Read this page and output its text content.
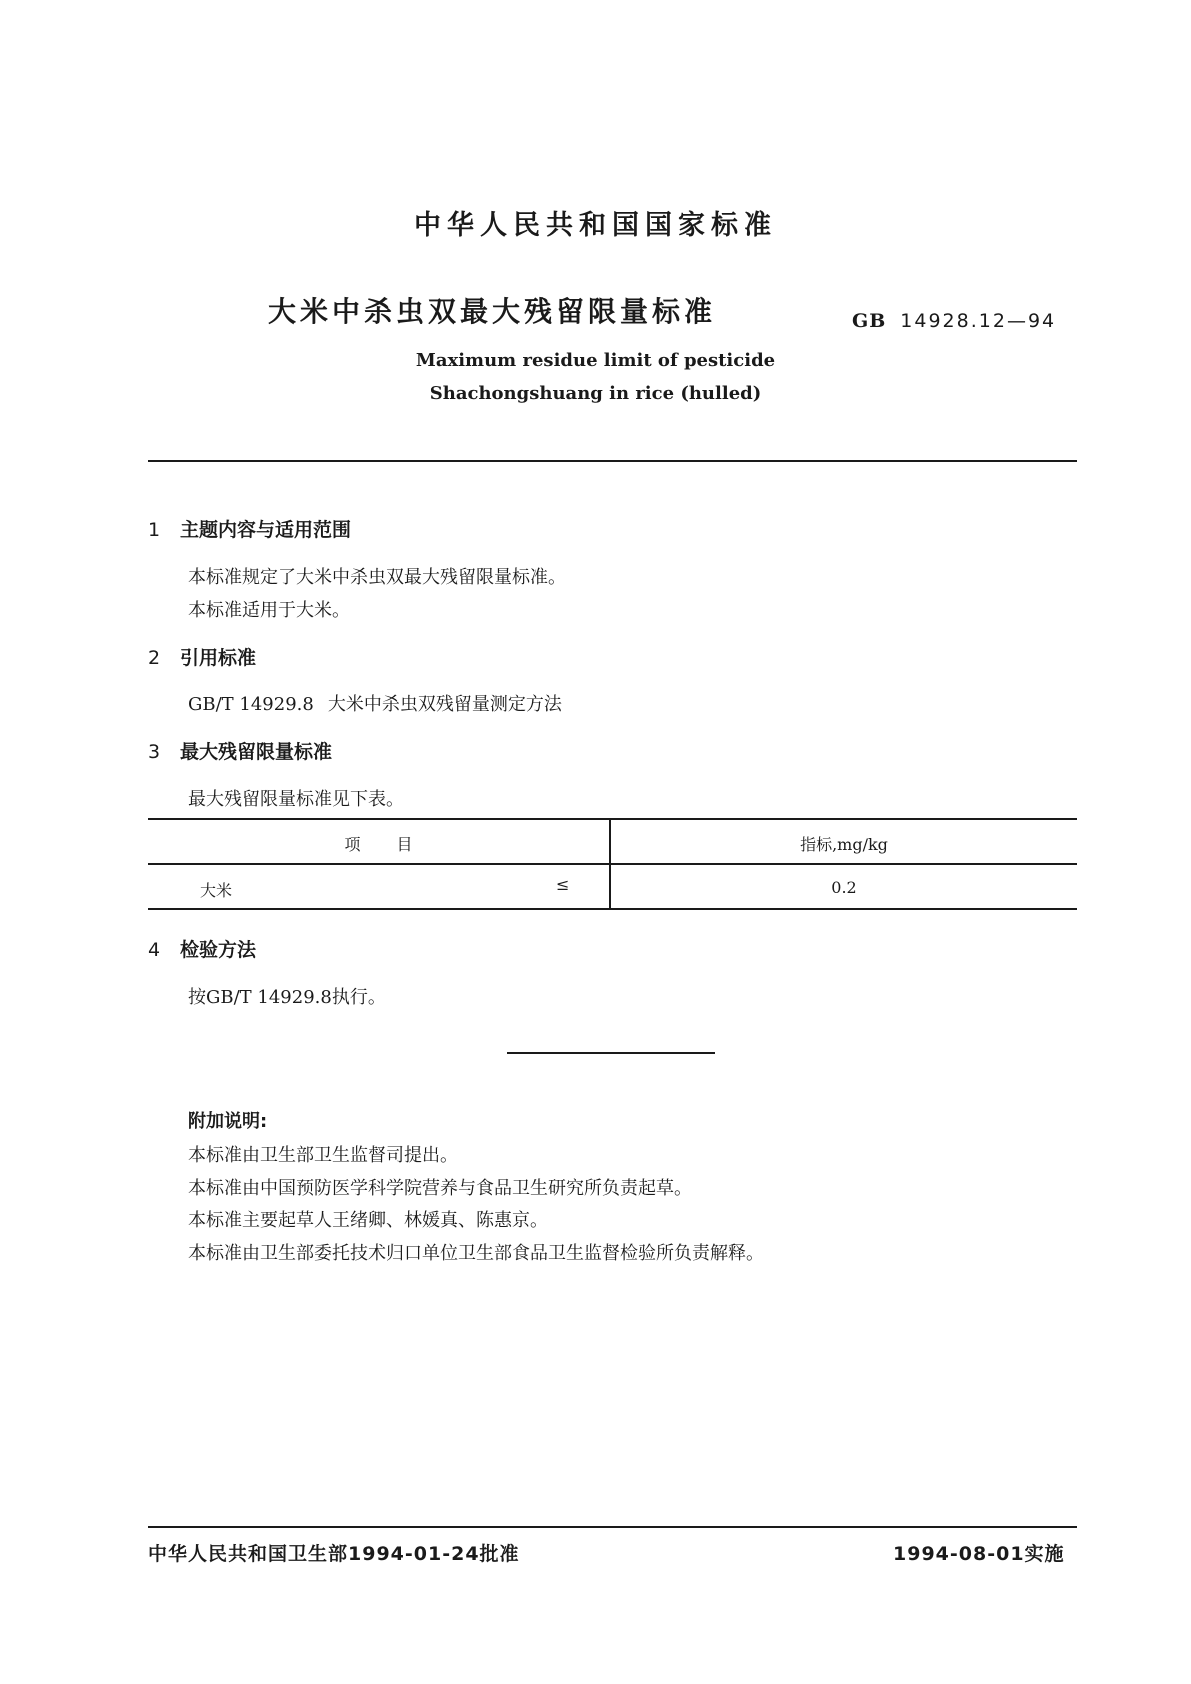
中华人民共和国国家标准
大米中杀虫双最大残留限量标准	GB 14928.12—94
Maximum residue limit of pesticide
Shachongshuang in rice (hulled)
1 主题内容与适用范围
本标准规定了大米中杀虫双最大残留限量标准。
本标准适用于大米。
2 引用标准
GB/T 14929.8 大米中杀虫双残留量测定方法
3 最大残留限量标准
最大残留限量标准见下表。
项目	指标,mg/kg
大米	≤	0.2
4 检验方法
按GB/T 14929.8执行。
附加说明:
本标准由卫生部卫生监督司提出。
本标准由中国预防医学科学院营养与食品卫生研究所负责起草。
本标准主要起草人王绪卿、林媛真、陈惠京。
本标准由卫生部委托技术归口单位卫生部食品卫生监督检验所负责解释。
中华人民共和国卫生部1994-01-24批准	1994-08-01实施
